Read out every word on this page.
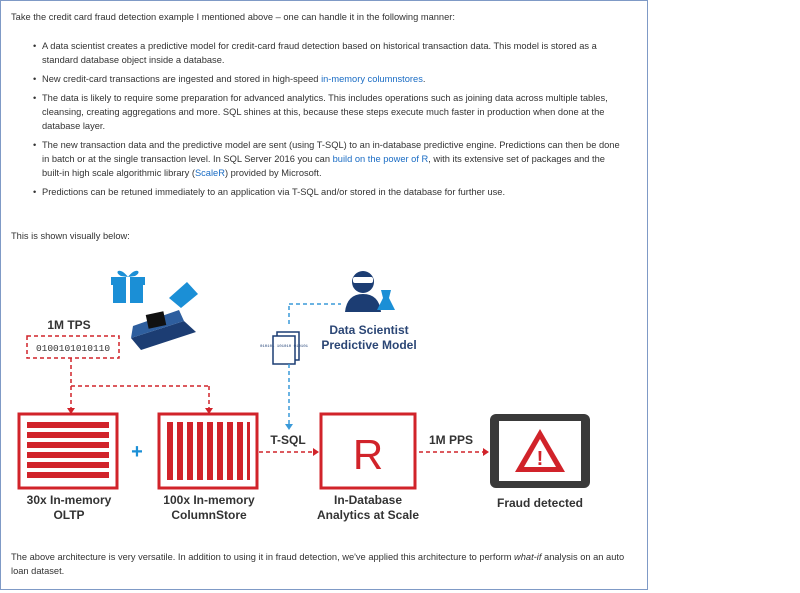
Take the credit card fraud detection example I mentioned above – one can handle it in the following manner:

• A data scientist creates a predictive model for credit-card fraud detection based on historical transaction data. This model is stored as a standard database object inside a database.
• New credit-card transactions are ingested and stored in high-speed in-memory columnstores.
• The data is likely to require some preparation for advanced analytics. This includes operations such as joining data across multiple tables, cleansing, creating aggregations and more. SQL shines at this, because these steps execute much faster in production when done at the database layer.
• The new transaction data and the predictive model are sent (using T-SQL) to an in-database predictive engine. Predictions can then be done in batch or at the single transaction level. In SQL Server 2016 you can build on the power of R, with its extensive set of packages and the built-in high scale algorithmic library (ScaleR) provided by Microsoft.
• Predictions can be retuned immediately to an application via T-SQL and/or stored in the database for further use.

This is shown visually below:

1M TPS
0100101010110
+
T-SQL
Data Scientist
Predictive Model
010101 101010 010101
R	1M PPS
!
30x In-memory
OLTP
100x In-memory
ColumnStore
In-Database
Analytics at Scale
Fraud detected

The above architecture is very versatile. In addition to using it in fraud detection, we've applied this architecture to perform what-if analysis on an auto loan dataset.
